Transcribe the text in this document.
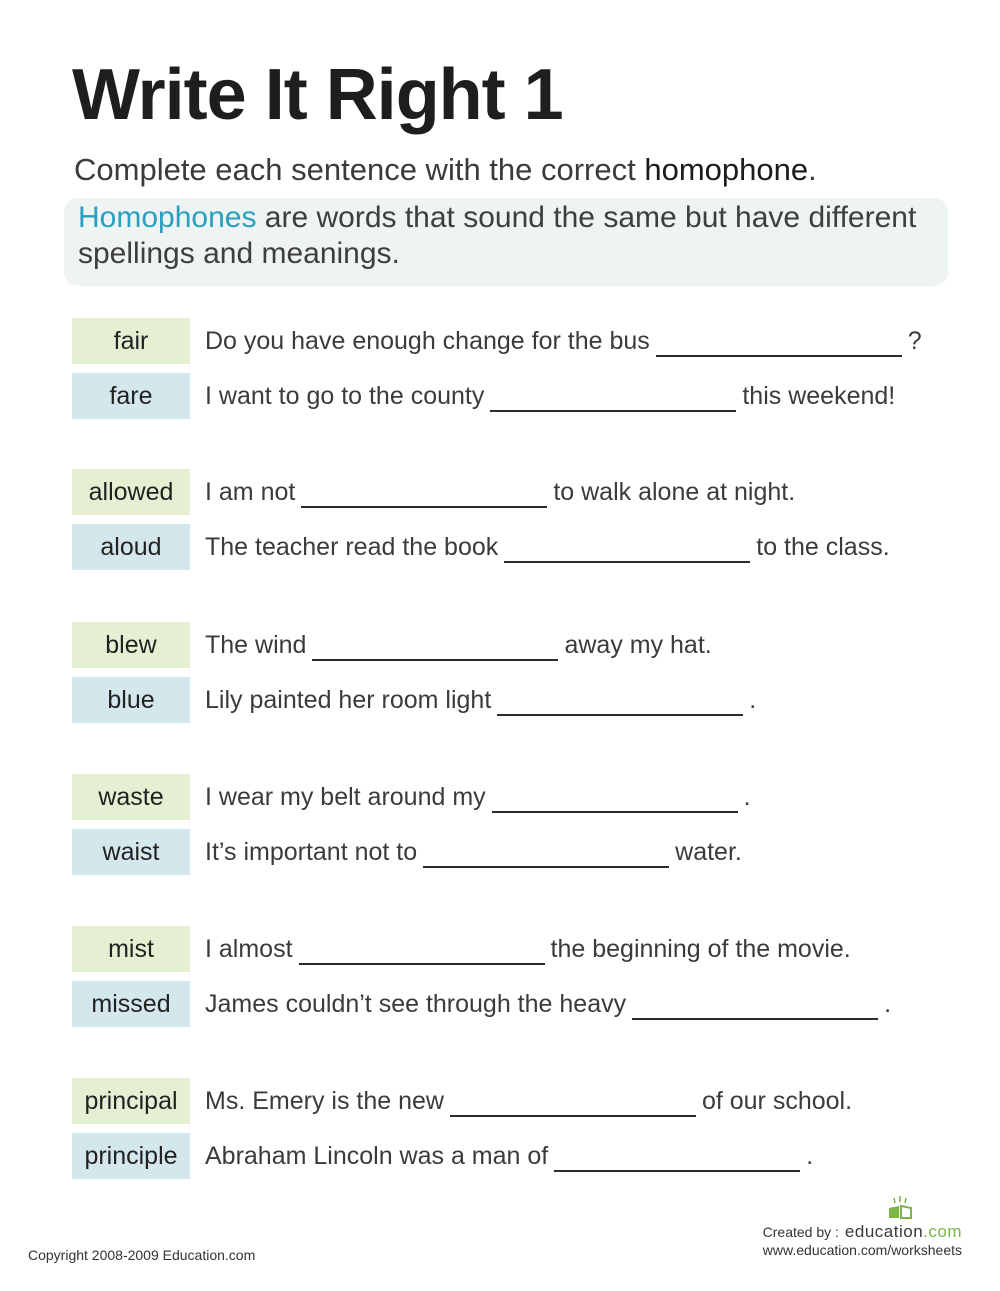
Write It Right 1
Complete each sentence with the correct homophone.
Homophones are words that sound the same but have different spellings and meanings.
fair	Do you have enough change for the bus	?
fare	I want to go to the county	this weekend!
allowed	I am not	to walk alone at night.
aloud	The teacher read the book	to the class.
blew	The wind	away my hat.
blue	Lily painted her room light	.
waste	I wear my belt around my	.
waist	It’s important not to	water.
mist	I almost	the beginning of the movie.
missed	James couldn’t see through the heavy	.
principal	Ms. Emery is the new	of our school.
principle	Abraham Lincoln was a man of	.
Copyright 2008-2009 Education.com
Created by : education.com
www.education.com/worksheets
